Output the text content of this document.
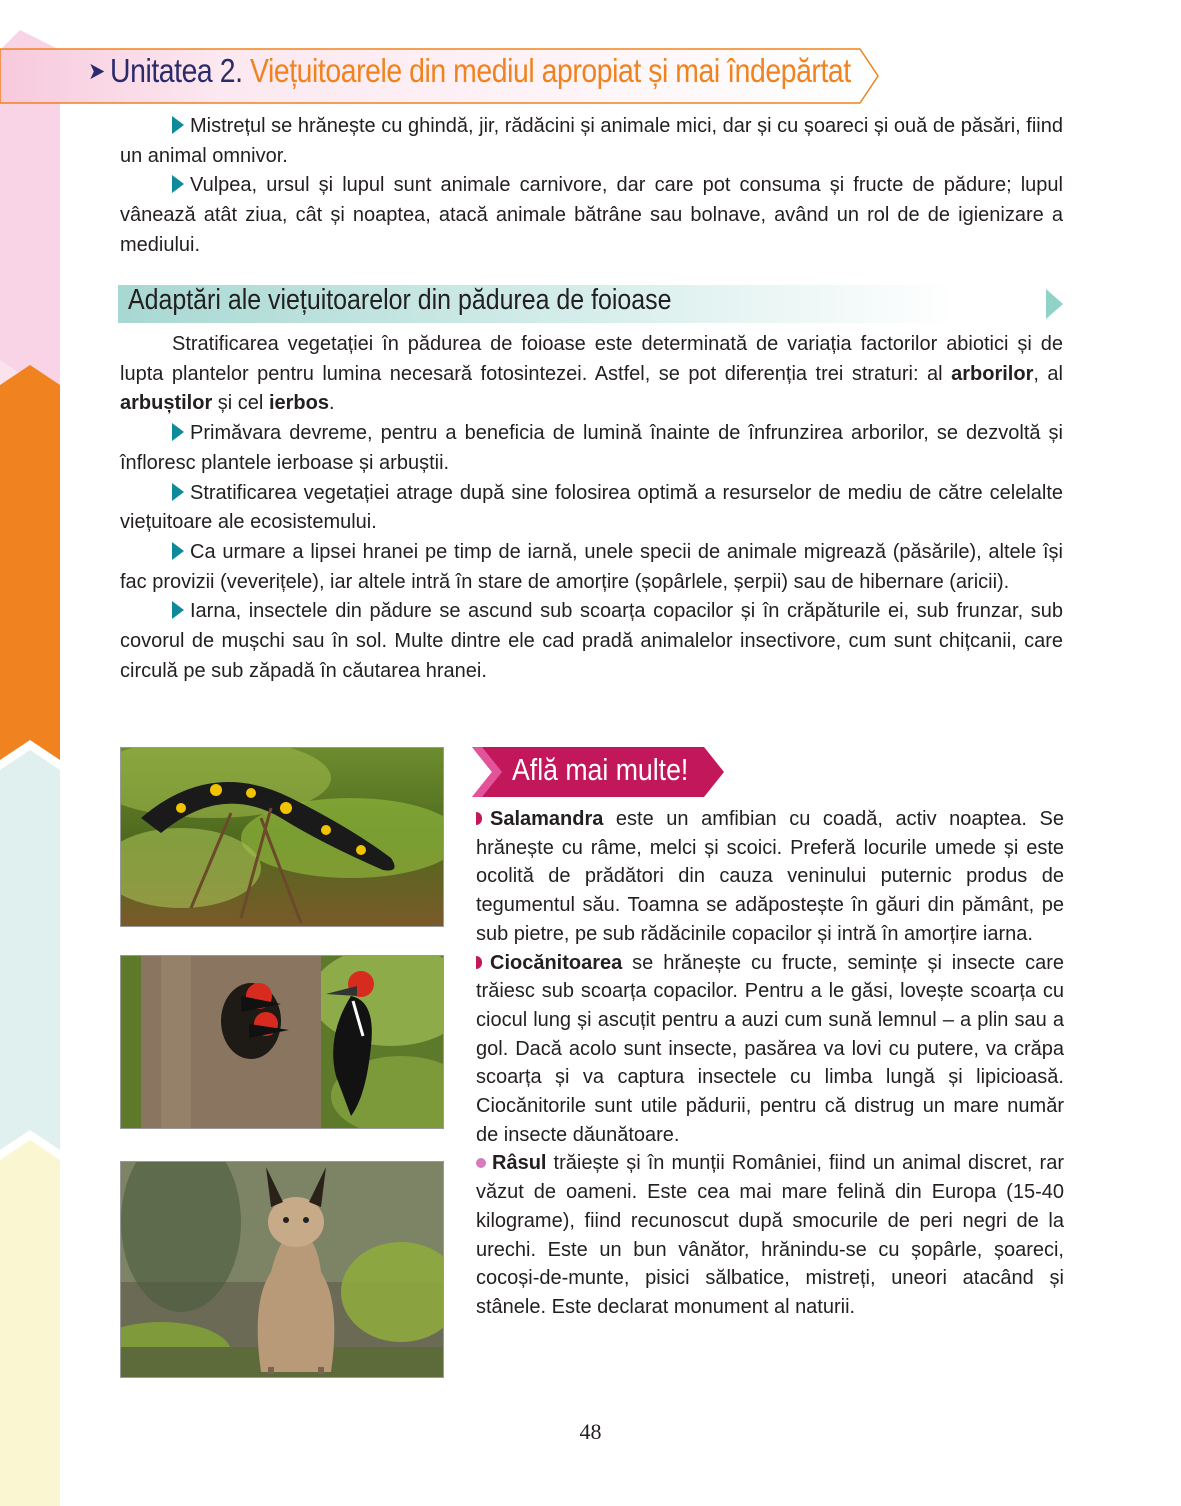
➤ Unitatea 2. Viețuitoarele din mediul apropiat și mai îndepărtat

Mistrețul se hrănește cu ghindă, jir, rădăcini și animale mici, dar și cu șoareci și ouă de păsări, fiind un animal omnivor.

Vulpea, ursul și lupul sunt animale carnivore, dar care pot consuma și fructe de pădure; lupul vânează atât ziua, cât și noaptea, atacă animale bătrâne sau bolnave, având un rol de de igienizare a mediului.

Adaptări ale viețuitoarelor din pădurea de foioase

Stratificarea vegetației în pădurea de foioase este determinată de variația factorilor abiotici și de lupta plantelor pentru lumina necesară fotosintezei. Astfel, se pot diferenția trei straturi: al arborilor, al arbuștilor și cel ierbos.

Primăvara devreme, pentru a beneficia de lumină înainte de înfrunzirea arborilor, se dezvoltă și înfloresc plantele ierboase și arbuștii.

Stratificarea vegetației atrage după sine folosirea optimă a resurselor de mediu de către celelalte viețuitoare ale ecosistemului.

Ca urmare a lipsei hranei pe timp de iarnă, unele specii de animale migrează (păsările), altele își fac provizii (veverițele), iar altele intră în stare de amorțire (șopârlele, șerpii) sau de hibernare (aricii).

Iarna, insectele din pădure se ascund sub scoarța copacilor și în crăpăturile ei, sub frunzar, sub covorul de mușchi sau în sol. Multe dintre ele cad pradă animalelor insectivore, cum sunt chițcanii, care circulă pe sub zăpadă în căutarea hranei.

Află mai multe!

Salamandra este un amfibian cu coadă, activ noaptea. Se hrănește cu râme, melci și scoici. Preferă locurile umede și este ocolită de prădători din cauza veninului puternic produs de tegumentul său. Toamna se adăpostește în găuri din pământ, pe sub pietre, pe sub rădăcinile copacilor și intră în amorțire iarna.

Ciocănitoarea se hrănește cu fructe, semințe și insecte care trăiesc sub scoarța copacilor. Pentru a le găsi, lovește scoarța cu ciocul lung și ascuțit pentru a auzi cum sună lemnul – a plin sau a gol. Dacă acolo sunt insecte, pasărea va lovi cu putere, va crăpa scoarța și va captura insectele cu limba lungă și lipicioasă. Ciocănitorile sunt utile pădurii, pentru că distrug un mare număr de insecte dăunătoare.

Râsul trăiește și în munții României, fiind un animal discret, rar văzut de oameni. Este cea mai mare felină din Europa (15-40 kilograme), fiind recunoscut după smocurile de peri negri de la urechi. Este un bun vânător, hrănindu-se cu șopârle, șoareci, cocoși-de-munte, pisici sălbatice, mistreți, uneori atacând și stânele. Este declarat monument al naturii.

48
